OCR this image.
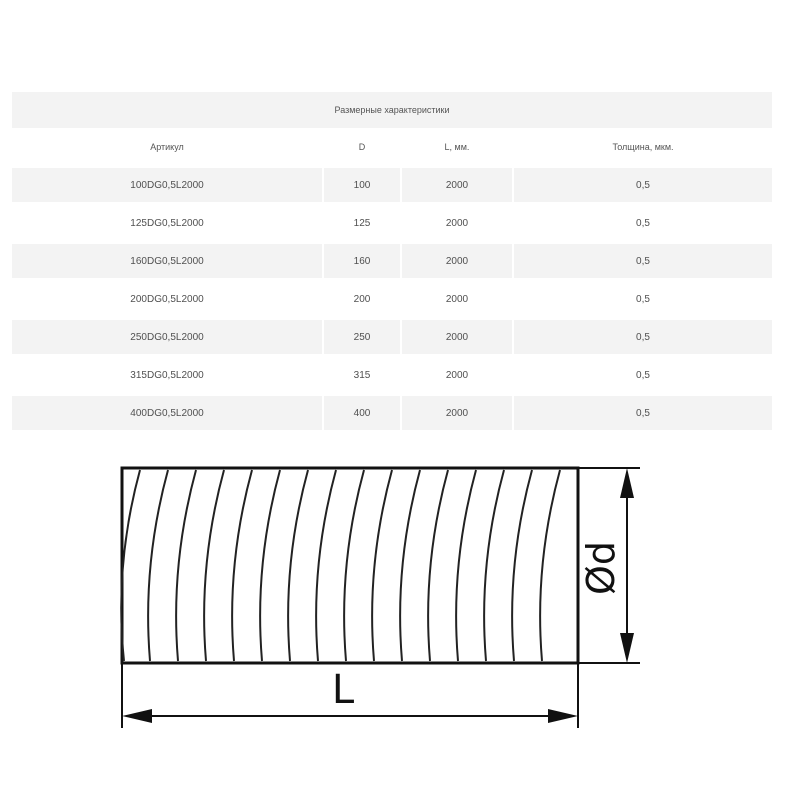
Размерные характеристики
Артикул	D	L, мм.	Толщина, мкм.
100DG0,5L2000	100	2000	0,5
125DG0,5L2000	125	2000	0,5
160DG0,5L2000	160	2000	0,5
200DG0,5L2000	200	2000	0,5
250DG0,5L2000	250	2000	0,5
315DG0,5L2000	315	2000	0,5
400DG0,5L2000	400	2000	0,5
L
Ød
